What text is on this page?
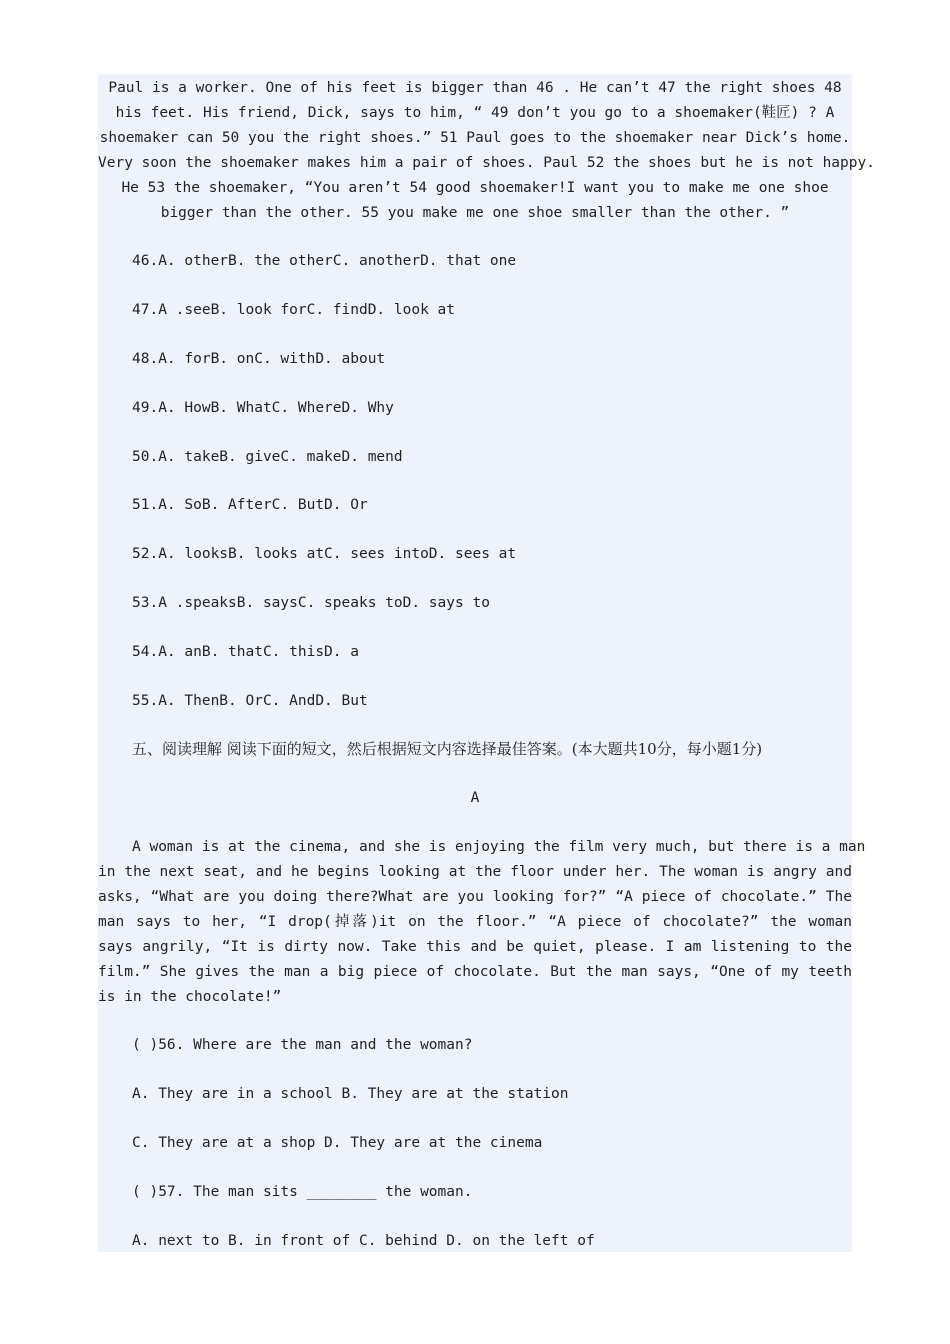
Paul is a worker. One of his feet is bigger than 46 . He can’t 47 the right shoes 48
his feet. His friend, Dick, says to him, “ 49 don’t you go to a shoemaker(鞋匠) ? A
shoemaker can 50 you the right shoes.” 51 Paul goes to the shoemaker near Dick’s home.
Very soon the shoemaker makes him a pair of shoes. Paul 52 the shoes but he is not happy.
He 53 the shoemaker, “You aren’t 54 good shoemaker!I want you to make me one shoe
bigger than the other. 55 you make me one shoe smaller than the other. ”
46.A. otherB. the otherC. anotherD. that one
47.A .seeB. look forC. findD. look at
48.A. forB. onC. withD. about
49.A. HowB. WhatC. WhereD. Why
50.A. takeB. giveC. makeD. mend
51.A. SoB. AfterC. ButD. Or
52.A. looksB. looks atC. sees intoD. sees at
53.A .speaksB. saysC. speaks toD. says to
54.A. anB. thatC. thisD. a
55.A. ThenB. OrC. AndD. But
五、阅读理解 阅读下面的短文，然后根据短文内容选择最佳答案。(本大题共10分，每小题1分)
A
A woman is at the cinema, and she is enjoying the film very much, but there is a man
in the next seat, and he begins looking at the floor under her. The woman is angry and
asks, “What are you doing there?What are you looking for?” “A piece of chocolate.” The
man says to her, “I drop(掉落)it on the floor.” “A piece of chocolate?” the woman
says angrily, “It is dirty now. Take this and be quiet, please. I am listening to the
film.” She gives the man a big piece of chocolate. But the man says, “One of my teeth
is in the chocolate!”
( )56. Where are the man and the woman?
A. They are in a school B. They are at the station
C. They are at a shop D. They are at the cinema
( )57. The man sits ________ the woman.
A. next to B. in front of C. behind D. on the left of
